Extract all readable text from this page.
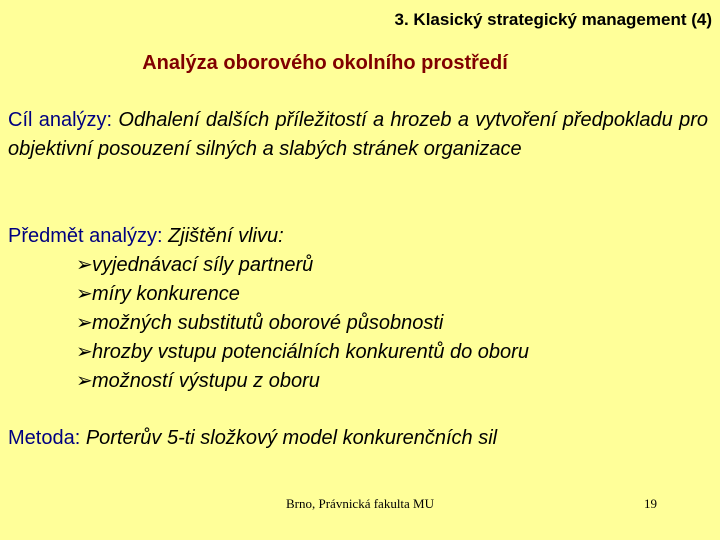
3. Klasický strategický management (4)
Analýza oborového okolního prostředí
Cíl analýzy: Odhalení dalších příležitostí a hrozeb a vytvoření předpokladu pro objektivní posouzení silných a slabých stránek organizace
Předmět analýzy: Zjištění vlivu:
➢vyjednávací síly partnerů
➢míry konkurence
➢možných substitutů oborové působnosti
➢hrozby vstupu potenciálních konkurentů do oboru
➢možností výstupu z oboru
Metoda: Porterův 5-ti složkový model konkurenčních sil
Brno, Právnická fakulta MU	19
